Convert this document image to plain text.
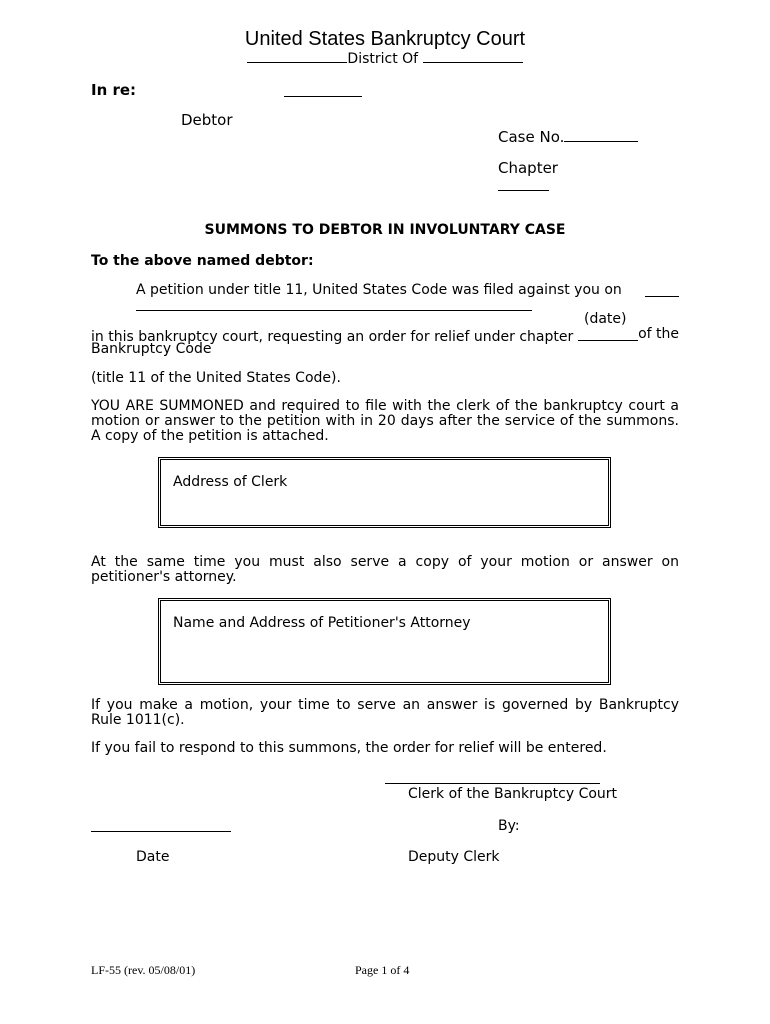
United States Bankruptcy Court
District Of
In re:
Debtor
Case No.
Chapter
SUMMONS TO DEBTOR IN INVOLUNTARY CASE
To the above named debtor:
A petition under title 11, United States Code was filed against you on
(date)
in this bankruptcy court, requesting an order for relief under chapter	of the
Bankruptcy Code
(title 11 of the United States Code).
YOU ARE SUMMONED and required to file with the clerk of the bankruptcy court a motion or answer to the petition with in 20 days after the service of the summons. A copy of the petition is attached.
Address of Clerk
At the same time you must also serve a copy of your motion or answer on petitioner's attorney.
Name and Address of Petitioner's Attorney
If you make a motion, your time to serve an answer is governed by Bankruptcy Rule 1011(c).
If you fail to respond to this summons, the order for relief will be entered.
Clerk of the Bankruptcy Court
By:
Date	Deputy Clerk
LF-55 (rev. 05/08/01)	Page 1 of 4
